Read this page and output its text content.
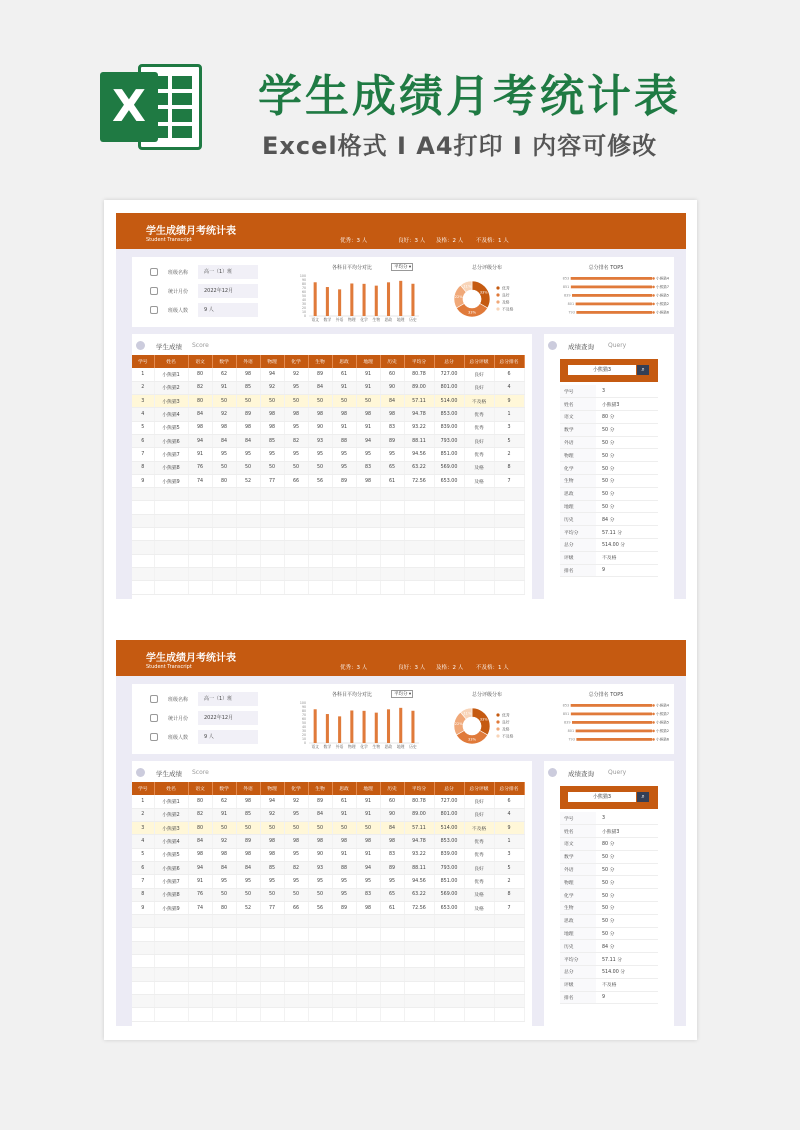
X	学生成绩月考统计表
Excel格式 I A4打印 I 内容可修改
学生成绩月考统计表
Student Transcript	优秀：3 人	良好：3 人 及格：2 人 不及格：1 人
班级名称	高一（1）班
统计月份	2022年12月
班级人数	9 人
各科目平均分对比	平均分 ▾
0
10
20
30
40
50
60
70
80
90
100
语文 数学 外语 物理 化学 生物 思政 地理 历史
总分评级分布
33%
33%
22%
11%	优秀
良好
及格
不及格
总分排名 TOP5
853	小熊猫4
851	小熊猫7
839	小熊猫5
801	小熊猫2
793	小熊猫6
学生成绩 Score
学号	姓名	语文	数学	外语	物理	化学	生物	思政	地理	历史	平均分	总分	总分评级	总分排名
1	小熊猫1	80	62	98	94	92	89	61	91	60	80.78	727.00	良好	6
2	小熊猫2	82	91	85	92	95	84	91	91	90	89.00	801.00	良好	4
3	小熊猫3	80	50	50	50	50	50	50	50	84	57.11	514.00	不及格	9
4	小熊猫4	84	92	89	98	98	98	98	98	98	94.78	853.00	优秀	1
5	小熊猫5	98	98	98	98	95	90	91	91	83	93.22	839.00	优秀	3
6	小熊猫6	94	84	84	85	82	93	88	94	89	88.11	793.00	良好	5
7	小熊猫7	91	95	95	95	95	95	95	95	95	94.56	851.00	优秀	2
8	小熊猫8	76	50	50	50	50	50	95	83	65	63.22	569.00	及格	8
9	小熊猫9	74	80	52	77	66	56	89	98	61	72.56	653.00	及格	7

成绩查询 Query
小熊猫3	⌕
学号	3
姓名	小熊猫3
语文	80 分
数学	50 分
外语	50 分
物理	50 分
化学	50 分
生物	50 分
思政	50 分
地理	50 分
历史	84 分
平均分	57.11 分
总分	514.00 分
评级	不及格
排名	9
学生成绩月考统计表
Student Transcript	优秀：3 人	良好：3 人 及格：2 人 不及格：1 人
班级名称	高一（1）班
统计月份	2022年12月
班级人数	9 人
各科目平均分对比	平均分 ▾
0
10
20
30
40
50
60
70
80
90
100
语文 数学 外语 物理 化学 生物 思政 地理 历史
总分评级分布
33%
33%
22%
11%	优秀
良好
及格
不及格
总分排名 TOP5
853	小熊猫4
851	小熊猫7
839	小熊猫5
801	小熊猫2
793	小熊猫6
学生成绩 Score
学号	姓名	语文	数学	外语	物理	化学	生物	思政	地理	历史	平均分	总分	总分评级	总分排名
1	小熊猫1	80	62	98	94	92	89	61	91	60	80.78	727.00	良好	6
2	小熊猫2	82	91	85	92	95	84	91	91	90	89.00	801.00	良好	4
3	小熊猫3	80	50	50	50	50	50	50	50	84	57.11	514.00	不及格	9
4	小熊猫4	84	92	89	98	98	98	98	98	98	94.78	853.00	优秀	1
5	小熊猫5	98	98	98	98	95	90	91	91	83	93.22	839.00	优秀	3
6	小熊猫6	94	84	84	85	82	93	88	94	89	88.11	793.00	良好	5
7	小熊猫7	91	95	95	95	95	95	95	95	95	94.56	851.00	优秀	2
8	小熊猫8	76	50	50	50	50	50	95	83	65	63.22	569.00	及格	8
9	小熊猫9	74	80	52	77	66	56	89	98	61	72.56	653.00	及格	7

成绩查询 Query
小熊猫3	⌕
学号	3
姓名	小熊猫3
语文	80 分
数学	50 分
外语	50 分
物理	50 分
化学	50 分
生物	50 分
思政	50 分
地理	50 分
历史	84 分
平均分	57.11 分
总分	514.00 分
评级	不及格
排名	9
